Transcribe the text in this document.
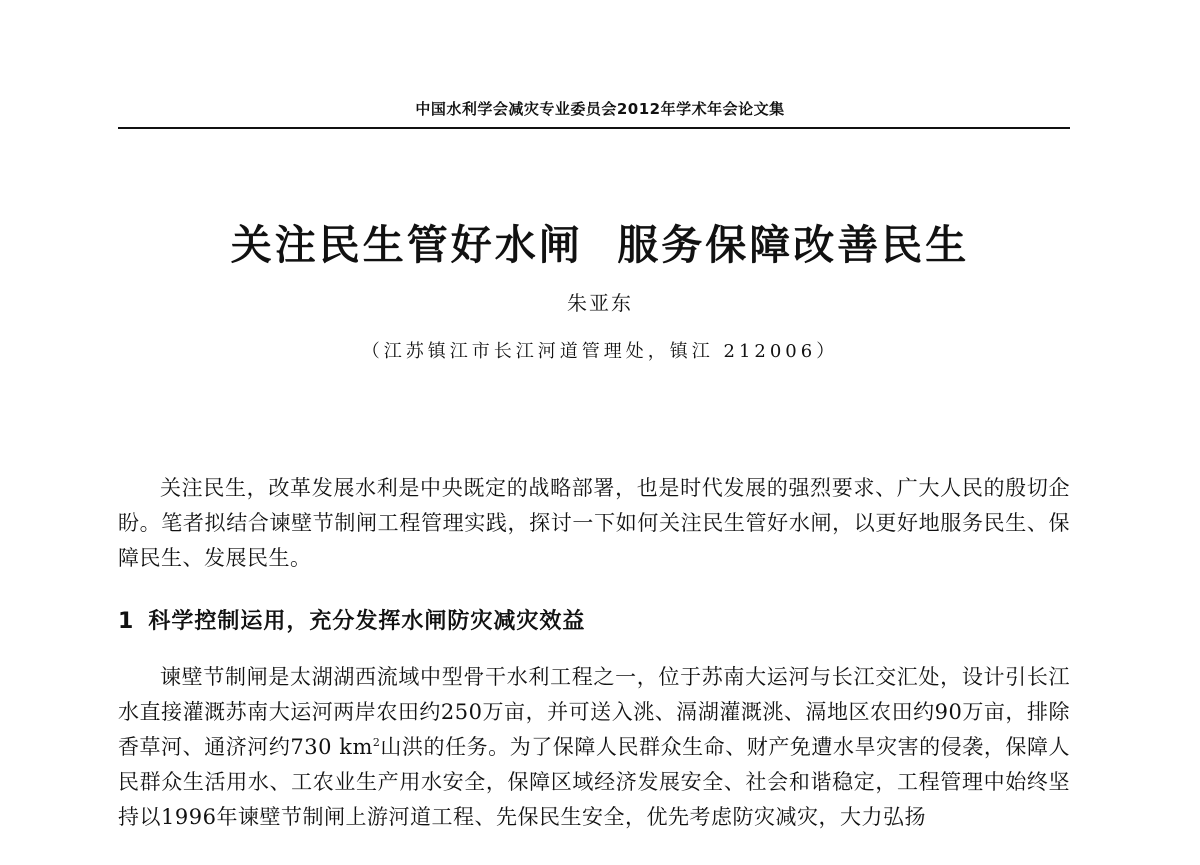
中国水利学会减灾专业委员会2012年学术年会论文集
关注民生管好水闸  服务保障改善民生
朱亚东
（江苏镇江市长江河道管理处，镇江 212006）

关注民生，改革发展水利是中央既定的战略部署，也是时代发展的强烈要求、广大人民的殷切企盼。笔者拟结合谏壁节制闸工程管理实践，探讨一下如何关注民生管好水闸，以更好地服务民生、保障民生、发展民生。

1 科学控制运用，充分发挥水闸防灾减灾效益

谏壁节制闸是太湖湖西流域中型骨干水利工程之一，位于苏南大运河与长江交汇处，设计引长江水直接灌溉苏南大运河两岸农田约250万亩，并可送入洮、滆湖灌溉洮、滆地区农田约90万亩，排除香草河、通济河约730 $km^2$山洪的任务。为了保障人民群众生命、财产免遭水旱灾害的侵袭，保障人民群众生活用水、工农业生产用水安全，保障区域经济发展安全、社会和谐稳定，工程管理中始终坚持以1996年谏壁节制闸上游河道工程、先保民生安全，优先考虑防灾减灾，大力弘扬
